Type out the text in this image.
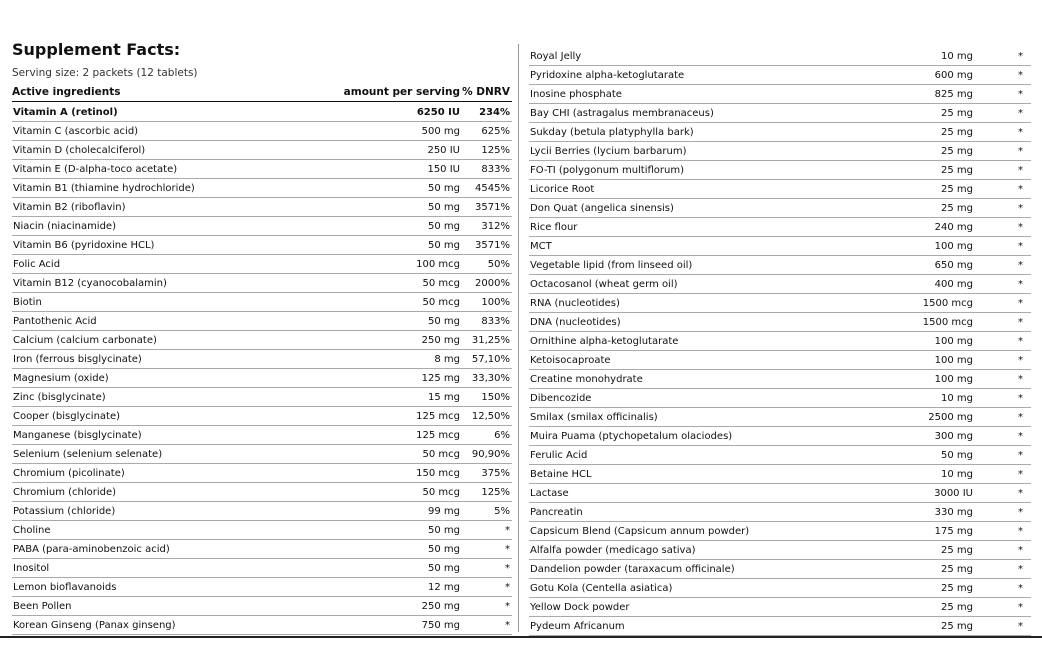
Supplement Facts:
Serving size: 2 packets (12 tablets)
Active ingredients	amount per serving % DNRV
Vitamin A (retinol)	6250 IU 234%
Vitamin C (ascorbic acid)	500 mg 625%
Vitamin D (cholecalciferol)	250 IU 125%
Vitamin E (D-alpha-toco acetate)	150 IU 833%
Vitamin B1 (thiamine hydrochloride)	50 mg 4545%
Vitamin B2 (riboflavin)	50 mg 3571%
Niacin (niacinamide)	50 mg 312%
Vitamin B6 (pyridoxine HCL)	50 mg 3571%
Folic Acid	100 mcg	50%
Vitamin B12 (cyanocobalamin)	50 mcg 2000%
Biotin	50 mcg 100%
Pantothenic Acid	50 mg 833%
Calcium (calcium carbonate)	250 mg 31,25%
Iron (ferrous bisglycinate)	8 mg 57,10%
Magnesium (oxide)	125 mg 33,30%
Zinc (bisglycinate)	15 mg 150%
Cooper (bisglycinate)	125 mcg 12,50%
Manganese (bisglycinate)	125 mcg	6%
Selenium (selenium selenate)	50 mcg 90,90%
Chromium (picolinate)	150 mcg 375%
Chromium (chloride)	50 mcg 125%
Potassium (chloride)	99 mg	5%
Choline	50 mg	*
PABA (para-aminobenzoic acid)	50 mg	*
Inositol	50 mg	*
Lemon bioflavanoids	12 mg	*
Been Pollen	250 mg	*
Korean Ginseng (Panax ginseng)	750 mg	*
Royal Jelly	10 mg	*
Pyridoxine alpha-ketoglutarate	600 mg	*
Inosine phosphate	825 mg	*
Bay CHI (astragalus membranaceus)	25 mg	*
Sukday (betula platyphylla bark)	25 mg	*
Lycii Berries (lycium barbarum)	25 mg	*
FO-TI (polygonum multiflorum)	25 mg	*
Licorice Root	25 mg	*
Don Quat (angelica sinensis)	25 mg	*
Rice flour	240 mg	*
MCT	100 mg	*
Vegetable lipid (from linseed oil)	650 mg	*
Octacosanol (wheat germ oil)	400 mg	*
RNA (nucleotides)	1500 mcg	*
DNA (nucleotides)	1500 mcg	*
Ornithine alpha-ketoglutarate	100 mg	*
Ketoisocaproate	100 mg	*
Creatine monohydrate	100 mg	*
Dibencozide	10 mg	*
Smilax (smilax officinalis)	2500 mg	*
Muira Puama (ptychopetalum olaciodes)	300 mg	*
Ferulic Acid	50 mg	*
Betaine HCL	10 mg	*
Lactase	3000 IU	*
Pancreatin	330 mg	*
Capsicum Blend (Capsicum annum powder)	175 mg	*
Alfalfa powder (medicago sativa)	25 mg	*
Dandelion powder (taraxacum officinale)	25 mg	*
Gotu Kola (Centella asiatica)	25 mg	*
Yellow Dock powder	25 mg	*
Pydeum Africanum	25 mg	*
